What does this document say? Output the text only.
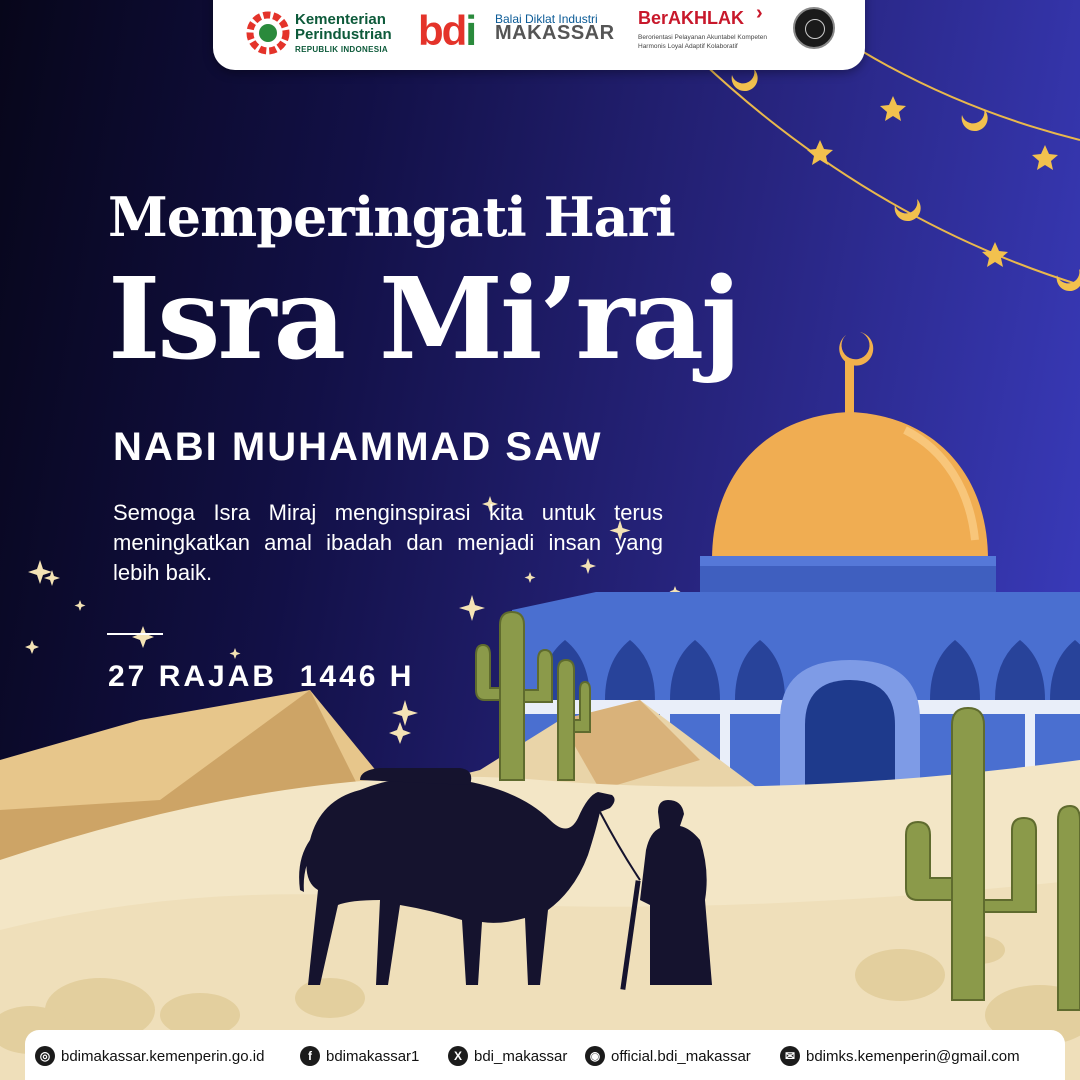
Kementerian
Perindustrian
REPUBLIK INDONESIA bdi Balai Diklat Industri
MAKASSAR
BerAKHLAK ›
Berorientasi Pelayanan Akuntabel Kompeten Harmonis Loyal Adaptif Kolaboratif
Memperingati Hari
Isra Mi’raj
NABI MUHAMMAD SAW
Semoga Isra Miraj menginspirasi kita untuk terus meningkatkan amal ibadah dan menjadi insan yang lebih baik.
27 RAJAB  1446 H
◎ bdimakassar.kemenperin.go.id	f bdimakassar1	X bdi_makassar	◉ official.bdi_makassar	✉ bdimks.kemenperin@gmail.com
